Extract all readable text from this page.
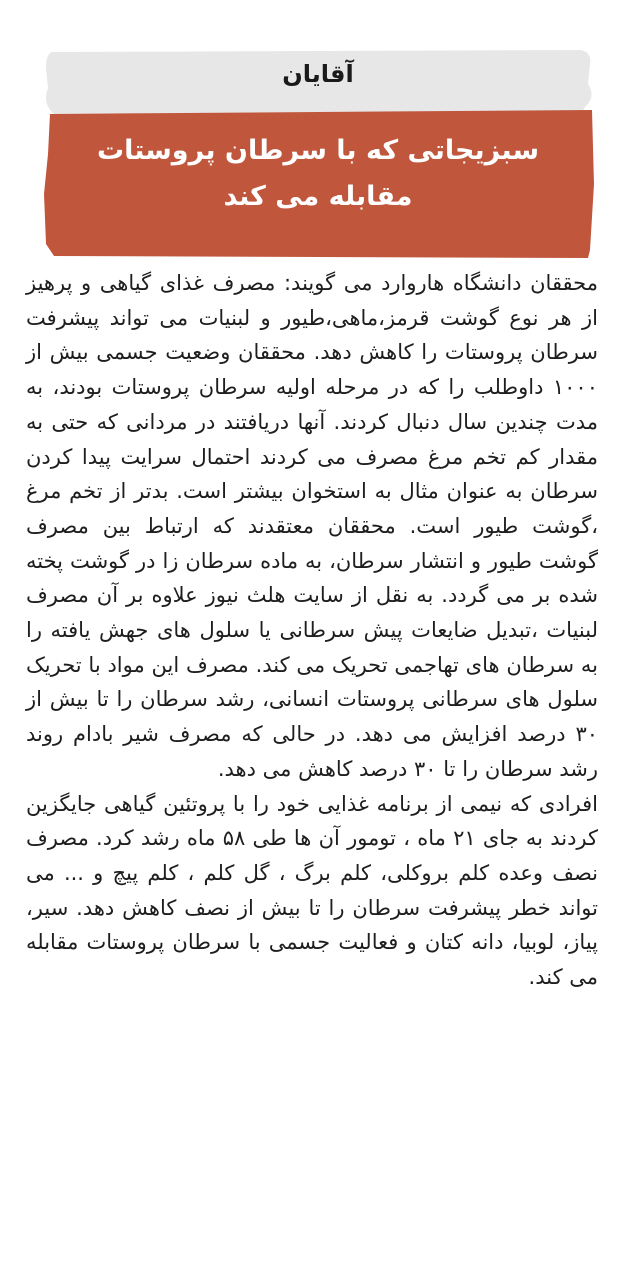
آقایان
سبزیجاتی که با سرطان پروستات
مقابله می کند

محققان دانشگاه هاروارد می گویند: مصرف غذای گیاهی و پرهیز از هر نوع گوشت قرمز،ماهی،طیور و لبنیات می تواند پیشرفت سرطان پروستات را کاهش دهد. محققان وضعیت جسمی بیش از ۱۰۰۰ داوطلب را که در مرحله اولیه سرطان پروستات بودند، به مدت چندین سال دنبال کردند. آنها دریافتند در مردانی که حتی به مقدار کم تخم مرغ مصرف می کردند احتمال سرایت پیدا کردن سرطان به عنوان مثال به استخوان بیشتر است. بدتر از تخم مرغ ،گوشت طیور است. محققان معتقدند که ارتباط بین مصرف گوشت طیور و انتشار سرطان، به ماده سرطان زا در گوشت پخته شده بر می گردد. به نقل از سایت هلث نیوز علاوه بر آن مصرف لبنیات ،تبدیل ضایعات پیش سرطانی یا سلول های جهش یافته را به سرطان های تهاجمی تحریک می کند. مصرف این مواد با تحریک سلول های سرطانی پروستات انسانی، رشد سرطان را تا بیش از ۳۰ درصد افزایش می دهد. در حالی که مصرف شیر بادام روند رشد سرطان را تا ۳۰ درصد کاهش می دهد.

افرادی که نیمی از برنامه غذایی خود را با پروتئین گیاهی جایگزین کردند به جای ۲۱ ماه ، تومور آن ها طی ۵۸ ماه رشد کرد. مصرف نصف وعده کلم بروکلی، کلم برگ ، گل کلم ، کلم پیچ و ... می تواند خطر پیشرفت سرطان را تا بیش از نصف کاهش دهد. سیر، پیاز، لوبیا، دانه کتان و فعالیت جسمی با سرطان پروستات مقابله می کند.
